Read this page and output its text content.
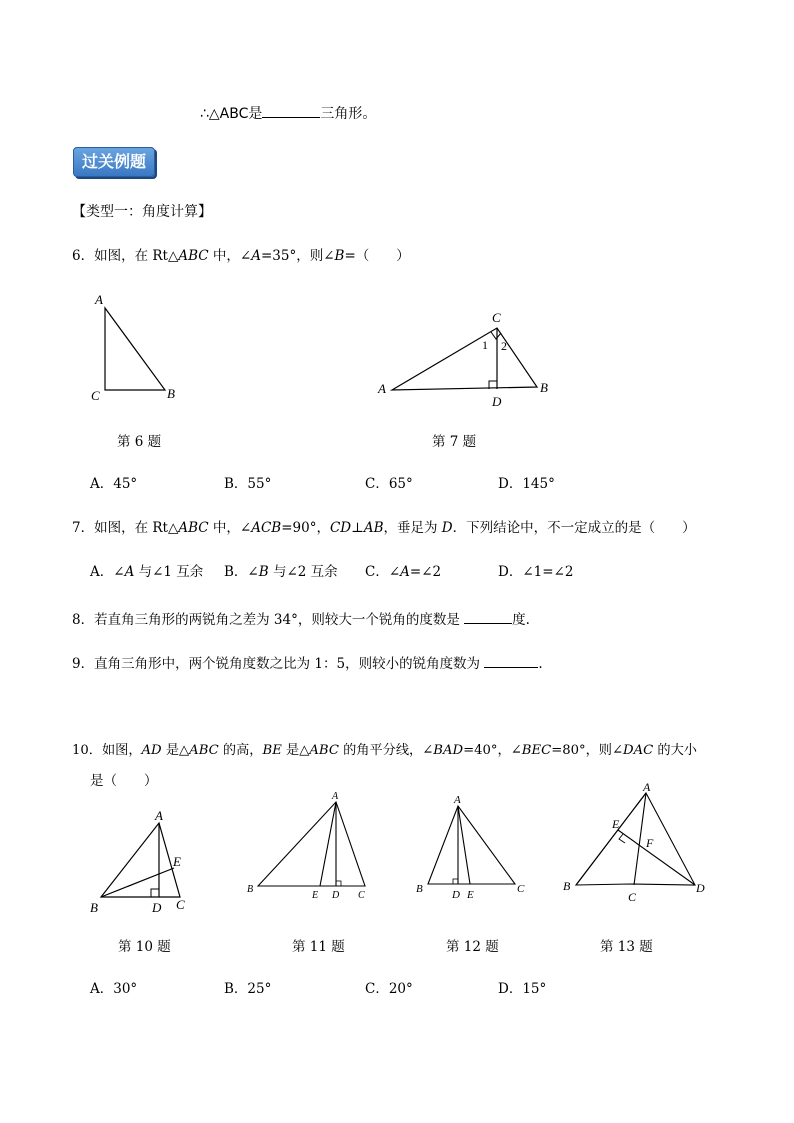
∴△ABC是	三角形。
过关例题
【类型一：角度计算】
6．如图，在 Rt△ABC 中，∠A=35°，则∠B=（　　）
A
C	B
第 6 题
C
1 2
A
D
B
第 7 题
A．45°	B．55°	C．65°	D．145°
7．如图，在 Rt△ABC 中，∠ACB=90°，CD⊥AB，垂足为 D．下列结论中，不一定成立的是（　　）
A．∠A 与∠1 互余 B．∠B 与∠2 互余 C．∠A=∠2	D．∠1=∠2
8．若直角三角形的两锐角之差为 34°，则较大一个锐角的度数是	度.
9．直角三角形中，两个锐角度数之比为 1：5，则较小的锐角度数为	.
10．如图，AD 是△ABC 的高，BE 是△ABC 的角平分线，∠BAD=40°，∠BEC=80°，则∠DAC 的大小
是（　　）
A
E
B	D C
第 10 题
A
B
E D C
第 11 题
A
B	D E	C
第 12 题
A
E
F
B
C
D
第 13 题
A．30°	B．25°	C．20°	D．15°
